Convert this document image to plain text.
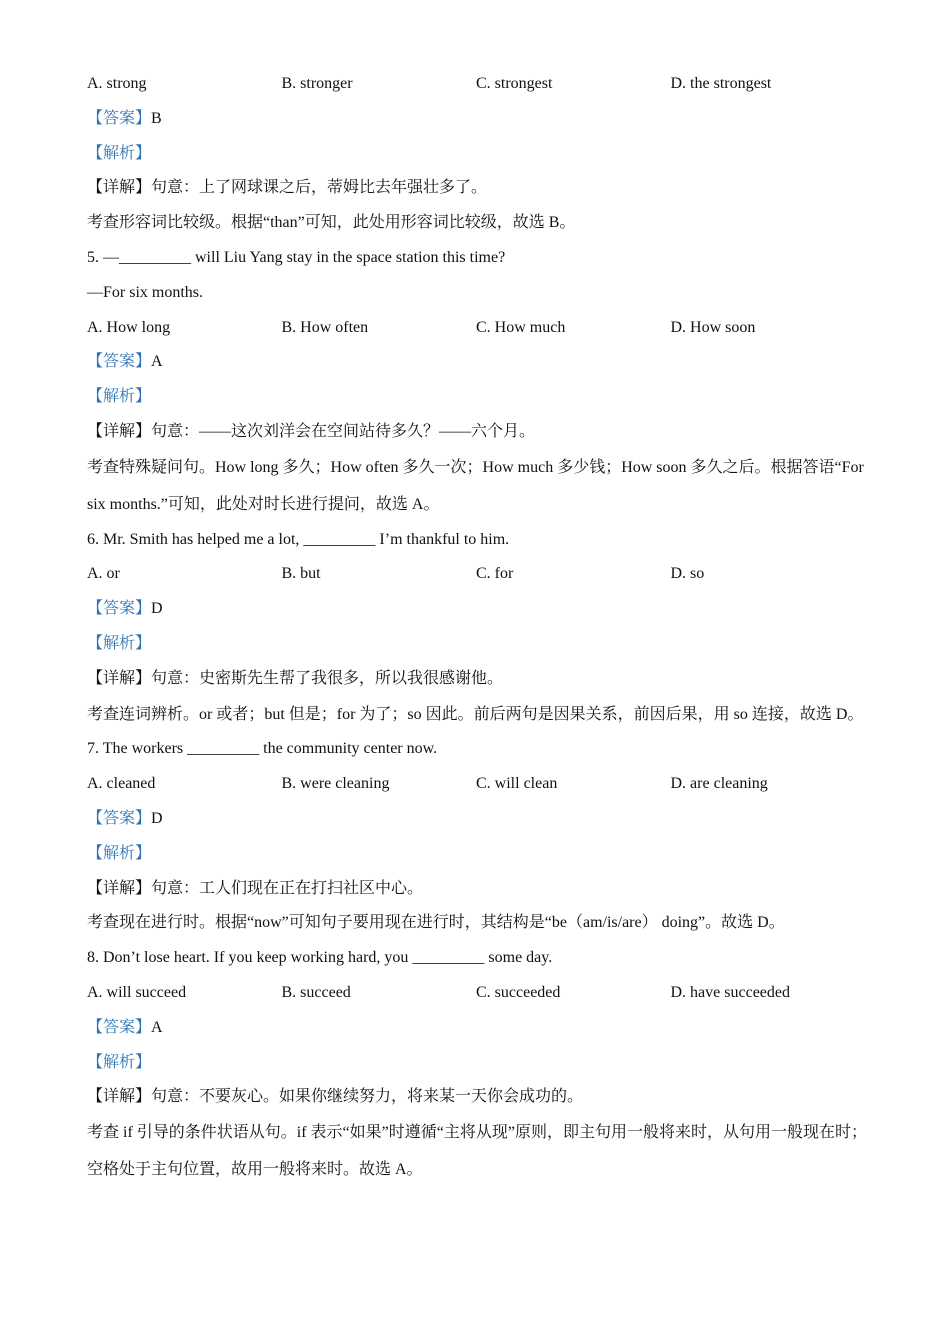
A. strong	B. stronger	C. strongest	D. the strongest
【答案】B
【解析】
【详解】句意：上了网球课之后，蒂姆比去年强壮多了。
考查形容词比较级。根据“than”可知，此处用形容词比较级，故选 B。
5. —_________ will Liu Yang stay in the space station this time?
—For six months.
A. How long	B. How often	C. How much	D. How soon
【答案】A
【解析】
【详解】句意：——这次刘洋会在空间站待多久？——六个月。
考查特殊疑问句。How long 多久；How often 多久一次；How much 多少钱；How soon 多久之后。根据答语“For six months.”可知，此处对时长进行提问，故选 A。
6. Mr. Smith has helped me a lot, _________ I’m thankful to him.
A. or	B. but	C. for	D. so
【答案】D
【解析】
【详解】句意：史密斯先生帮了我很多，所以我很感谢他。
考查连词辨析。or 或者；but 但是；for 为了；so 因此。前后两句是因果关系，前因后果，用 so 连接，故选 D。
7. The workers _________ the community center now.
A. cleaned	B. were cleaning	C. will clean	D. are cleaning
【答案】D
【解析】
【详解】句意：工人们现在正在打扫社区中心。
考查现在进行时。根据“now”可知句子要用现在进行时，其结构是“be（am/is/are） doing”。故选 D。
8. Don’t lose heart. If you keep working hard, you _________ some day.
A. will succeed	B. succeed	C. succeeded	D. have succeeded
【答案】A
【解析】
【详解】句意：不要灰心。如果你继续努力，将来某一天你会成功的。
考查 if 引导的条件状语从句。if 表示“如果”时遵循“主将从现”原则，即主句用一般将来时，从句用一般现在时；空格处于主句位置，故用一般将来时。故选 A。
